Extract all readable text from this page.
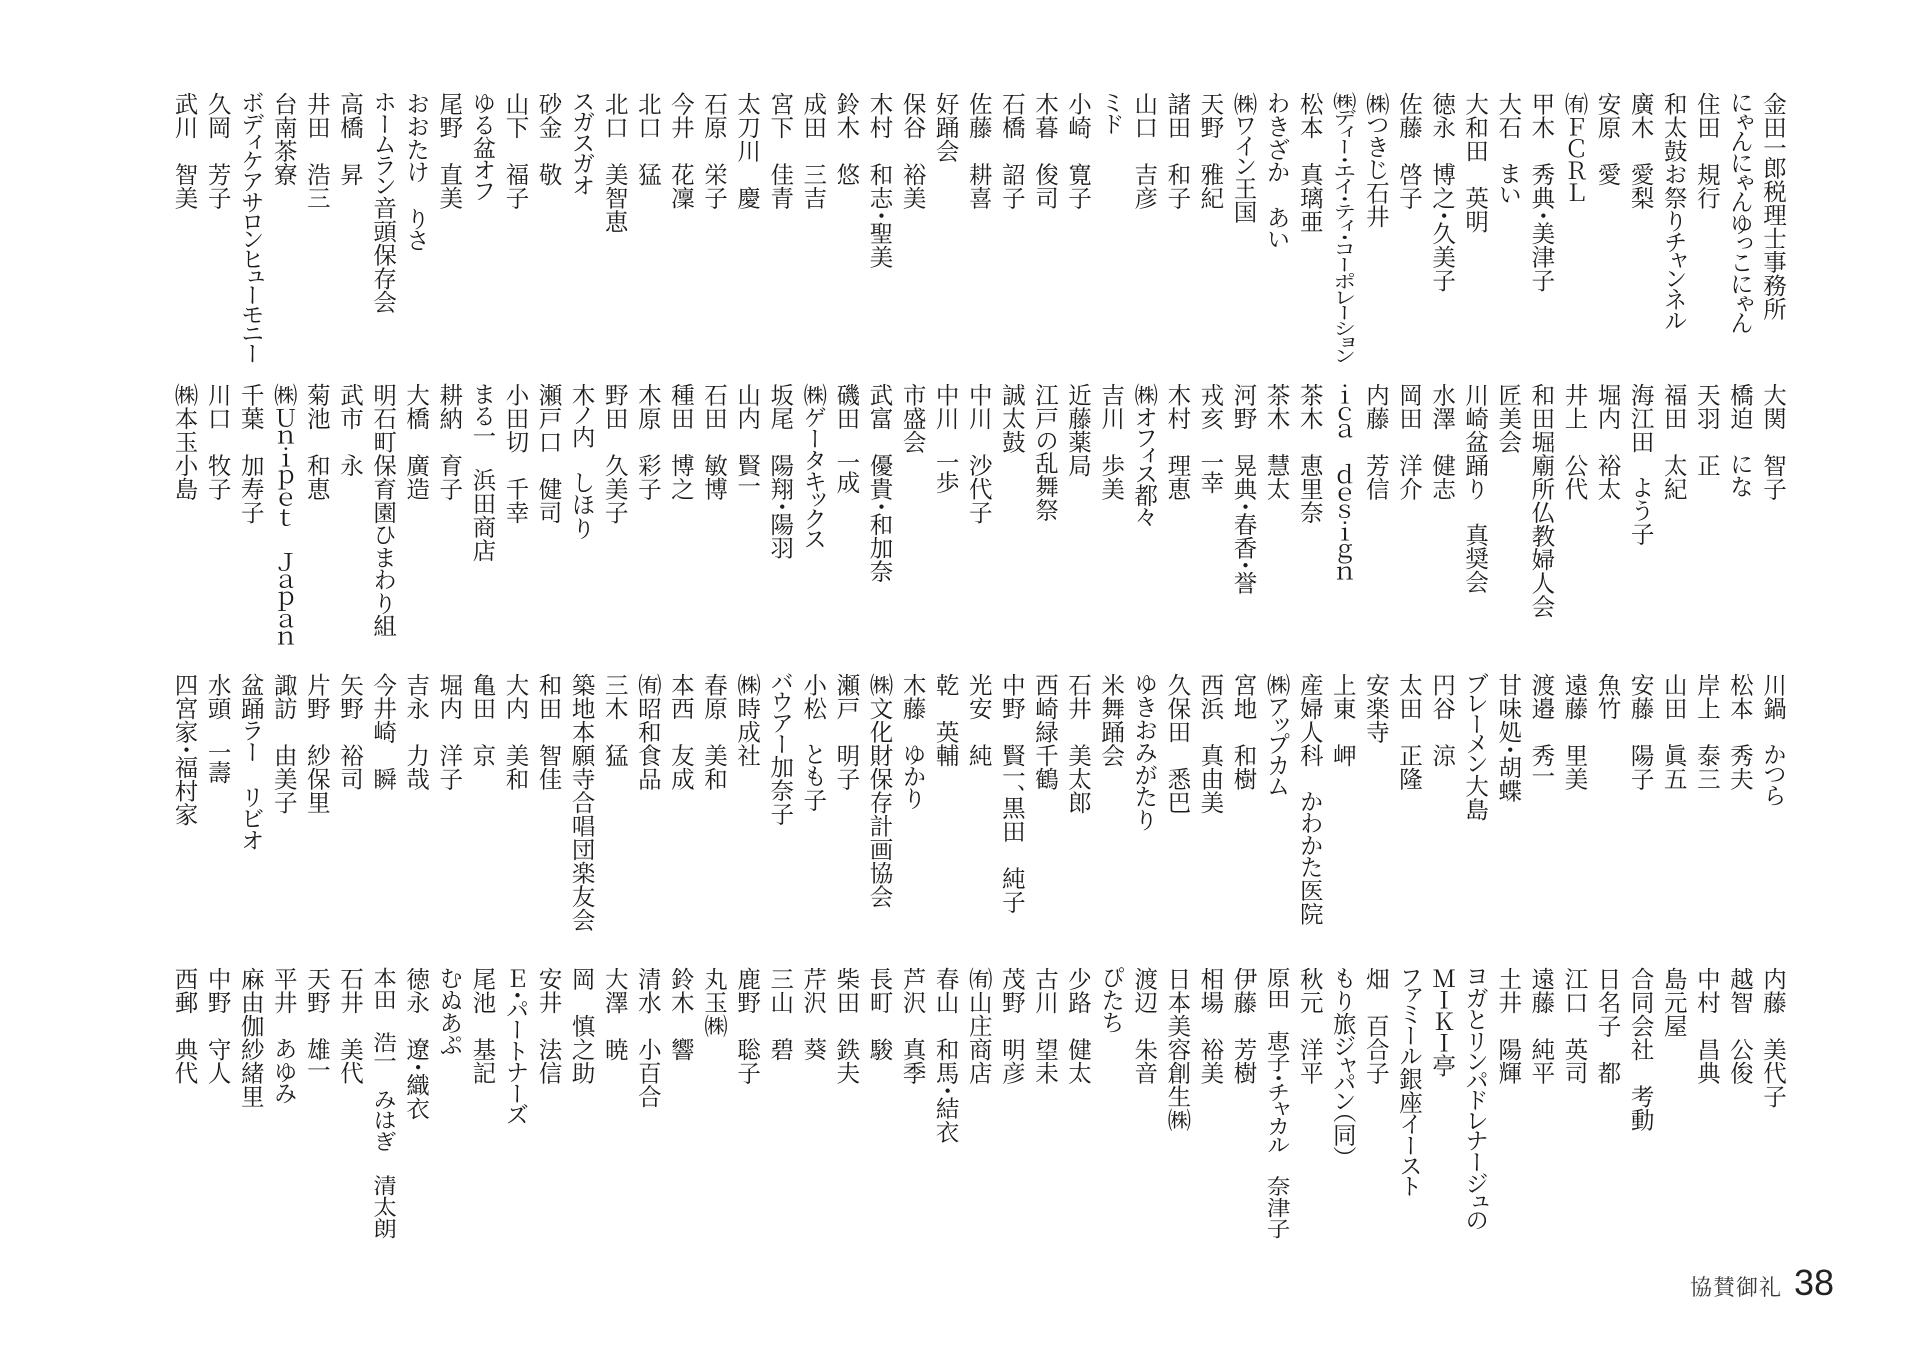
金田一郎税理士事務所
にゃんにゃんゆっこにゃん
住田　規行
和太鼓お祭りチャンネル
廣木　愛梨
安原　愛
㈲ＦＣＲＬ
甲木　秀典・美津子
大石　まい
大和田　英明
徳永　博之・久美子
佐藤　啓子
㈱つきじ石井
㈱ディー・エイ・ティ・コーポレーション
松本　真璃亜
わきざか　あい
㈱ワイン王国
天野　雅紀
諸田　和子
山口　吉彦
ミド
小崎　寛子
木暮　俊司
石橋　詔子
佐藤　耕喜
好踊会
保谷　裕美
木村　和志・聖美
鈴木　悠
成田　三吉
宮下　佳青
太刀川　慶
石原　栄子
今井　花凜
北口　猛
北口　美智恵
スガスガオ
砂金　敬
山下　福子
ゆる盆オフ
尾野　直美
おおたけ　りさ
ホームラン音頭保存会
高橋　昇
井田　浩三
台南茶寮
ボディケアサロンヒューモニー
久岡　芳子
武川　智美
大関　智子
橋迫　にな
天羽　正
福田　太紀
海江田　よう子
堀内　裕太
井上　公代
和田堀廟所仏教婦人会
匠美会
川崎盆踊り　真奨会
水澤　健志
岡田　洋介
内藤　芳信
ｉｃａ　ｄｅｓｉｇｎ
茶木　恵里奈
茶木　慧太
河野　晃典・春香・誉
戎亥　一幸
木村　理恵
㈱オフィス都々
吉川　歩美
近藤薬局
江戸の乱舞祭
誠太鼓
中川　沙代子
中川　一歩
市盛会
武富　優貴・和加奈
磯田　一成
㈱ゲータキックス
坂尾　陽翔・陽羽
山内　賢一
石田　敏博
種田　博之
木原　彩子
野田　久美子
木ノ内　しほり
瀬戸口　健司
小田切　千幸
まる一　浜田商店
耕納　育子
大橋　廣造
明石町保育園ひまわり組
武市　永
菊池　和恵
㈱Ｕｎｉｐｅｔ　Ｊａｐａｎ
千葉　加寿子
川口　牧子
㈱本玉小島
川鍋　かつら
松本　秀夫
岸上　泰三
山田　眞五
安藤　陽子
魚竹
遠藤　里美
渡邉　秀一
甘味処・胡蝶
ブレーメン大島
円谷　涼
太田　正隆
安楽寺
上東　岬
産婦人科　かわかた医院
㈱アップカム
宮地　和樹
西浜　真由美
久保田　悉巴
ゆきおみがたり
米舞踊会
石井　美太郎
西崎緑千鶴
中野　賢一、黒田　純子
光安　純
乾　英輔
木藤　ゆかり
㈱文化財保存計画協会
瀬戸　明子
小松　とも子
バウアー加奈子
㈱時成社
春原　美和
本西　友成
㈲昭和食品
三木　猛
築地本願寺合唱団楽友会
和田　智佳
大内　美和
亀田　京
堀内　洋子
吉永　力哉
今井崎　瞬
矢野　裕司
片野　紗保里
諏訪　由美子
盆踊ラー　リビオ
水頭　一壽
四宮家・福村家
内藤　美代子
越智　公俊
中村　昌典
島元屋
合同会社　考動
日名子　都
江口　英司
遠藤　純平
土井　陽輝
ヨガとリンパドレナージュの
ＭＩＫＩ亭
ファミール銀座イースト
畑　百合子
もり旅ジャパン（同）
秋元　洋平
原田　恵子・チャカル　奈津子
伊藤　芳樹
相場　裕美
日本美容創生㈱
渡辺　朱音
ぴたち
少路　健太
古川　望未
茂野　明彦
㈲山庄商店
春山　和馬・結衣
芦沢　真季
長町　駿
柴田　鉄夫
芹沢　葵
三山　碧
鹿野　聡子
丸玉㈱
鈴木　響
清水　小百合
大澤　暁
岡　慎之助
安井　法信
Ｅ・パートナーズ
尾池　基記
むぬあぷ
徳永　遼・織衣
本田　浩一　みはぎ　清太朗
石井　美代
天野　雄一
平井　あゆみ
麻由伽紗緒里
中野　守人
西郵　典代
協賛御礼 38
